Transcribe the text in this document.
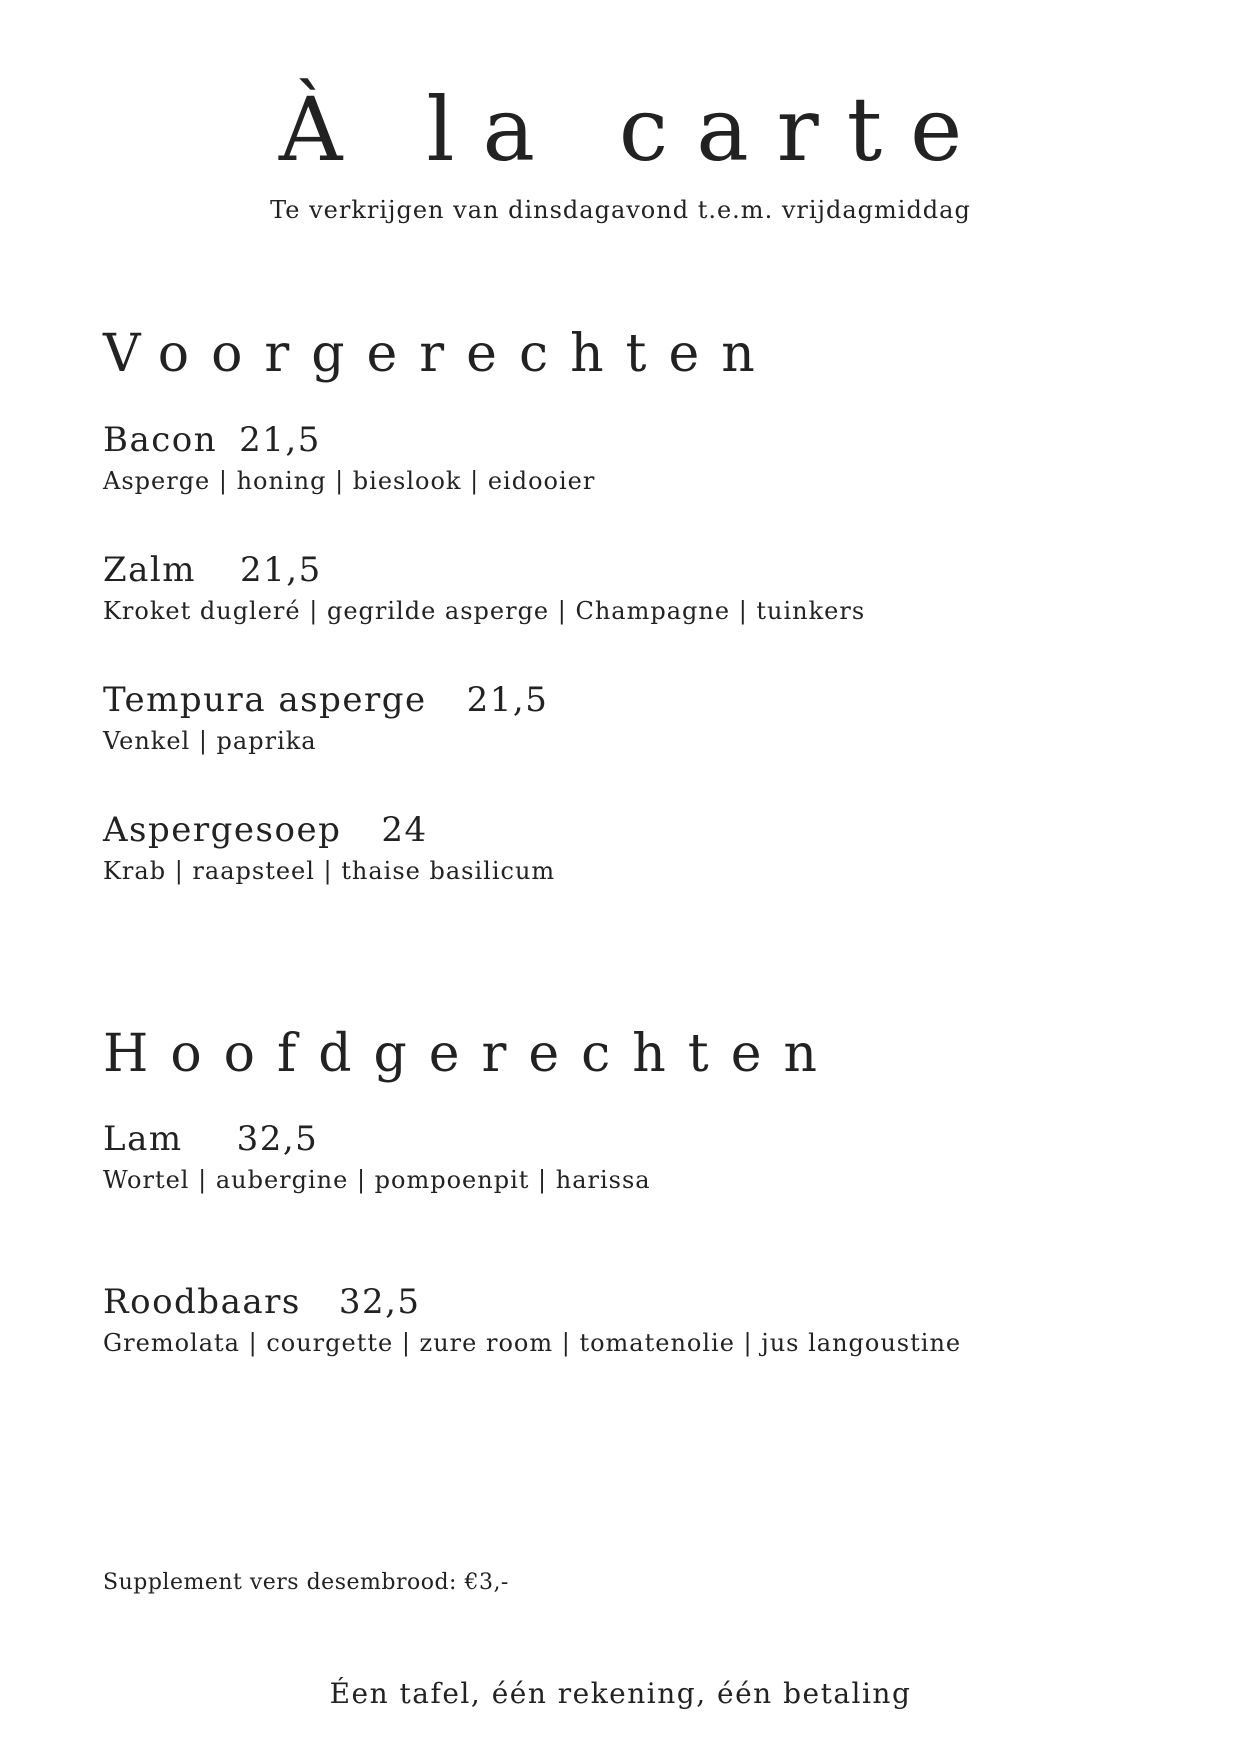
À la carte
Te verkrijgen van dinsdagavond t.e.m. vrijdagmiddag
Voorgerechten
Bacon 21,5
Asperge | honing | bieslook | eidooier
Zalm 21,5
Kroket dugleré | gegrilde asperge | Champagne | tuinkers
Tempura asperge 21,5
Venkel | paprika
Aspergesoep 24
Krab | raapsteel | thaise basilicum
Hoofdgerechten
Lam 32,5
Wortel | aubergine | pompoenpit | harissa
Roodbaars 32,5
Gremolata | courgette | zure room | tomatenolie | jus langoustine
Supplement vers desembrood: €3,-
Éen tafel, één rekening, één betaling
